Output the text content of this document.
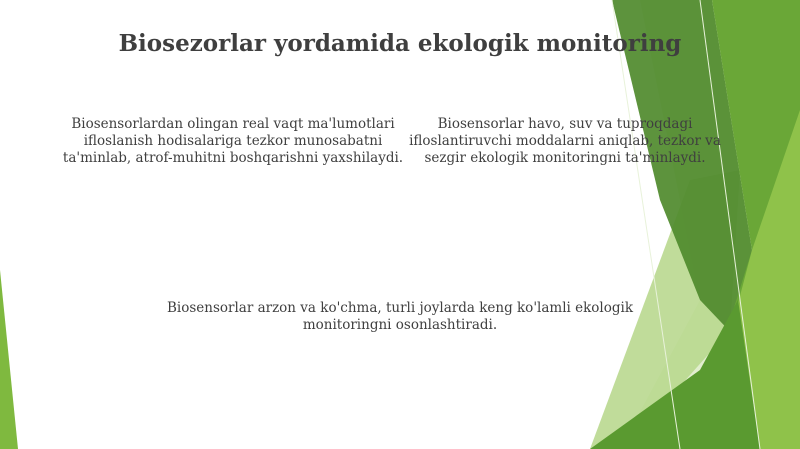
Biosezorlar yordamida ekologik monitoring
Biosensorlardan olingan real vaqt ma'lumotlari ifloslanish hodisalariga tezkor munosabatni ta'minlab, atrof-muhitni boshqarishni yaxshilaydi.
Biosensorlar havo, suv va tuproqdagi ifloslantiruvchi moddalarni aniqlab, tezkor va sezgir ekologik monitoringni ta'minlaydi.
Biosensorlar arzon va ko'chma, turli joylarda keng ko'lamli ekologik monitoringni osonlashtiradi.
